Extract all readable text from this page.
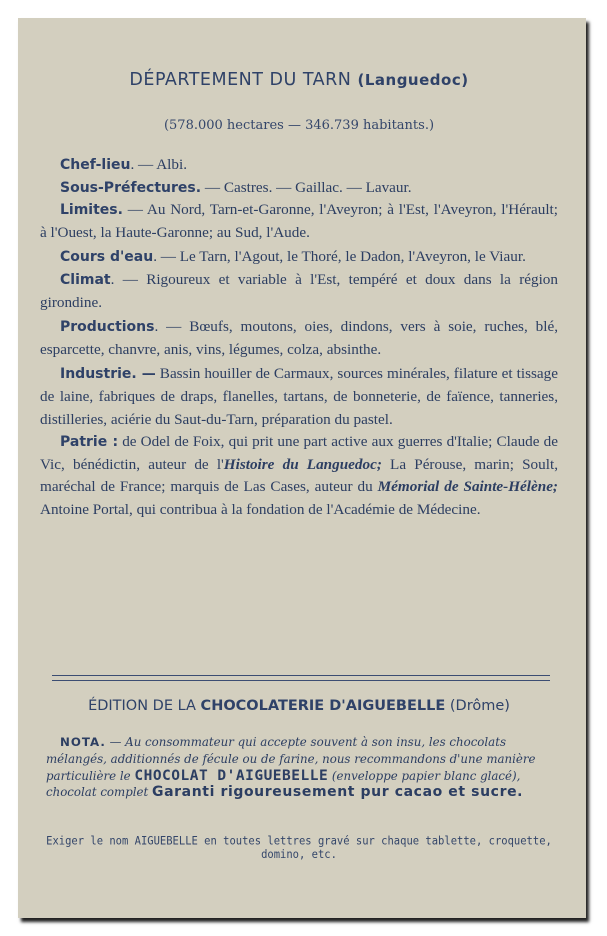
DÉPARTEMENT DU TARN (Languedoc)
(578.000 hectares — 346.739 habitants.)
Chef-lieu. — Albi.
Sous-Préfectures. — Castres. — Gaillac. — Lavaur.
Limites. — Au Nord, Tarn-et-Garonne, l'Aveyron; à l'Est, l'Aveyron, l'Hérault; à l'Ouest, la Haute-Garonne; au Sud, l'Aude.
Cours d'eau. — Le Tarn, l'Agout, le Thoré, le Dadon, l'Aveyron, le Viaur.
Climat. — Rigoureux et variable à l'Est, tempéré et doux dans la région girondine.
Productions. — Bœufs, moutons, oies, dindons, vers à soie, ruches, blé, esparcette, chanvre, anis, vins, légumes, colza, absinthe.
Industrie. — Bassin houiller de Carmaux, sources minérales, filature et tissage de laine, fabriques de draps, flanelles, tartans, de bonneterie, de faïence, tanneries, distilleries, aciérie du Saut-du-Tarn, préparation du pastel.
Patrie : de Odel de Foix, qui prit une part active aux guerres d'Italie; Claude de Vic, bénédictin, auteur de l'Histoire du Languedoc; La Pérouse, marin; Soult, maréchal de France; marquis de Las Cases, auteur du Mémorial de Sainte-Hélène; Antoine Portal, qui contribua à la fondation de l'Académie de Médecine.
ÉDITION DE LA CHOCOLATERIE D'AIGUEBELLE (Drôme)
NOTA. — Au consommateur qui accepte souvent à son insu, les chocolats mélangés, additionnés de fécule ou de farine, nous recommandons d'une manière particulière le CHOCOLAT D'AIGUEBELLE (enveloppe papier blanc glacé), chocolat complet Garanti rigoureusement pur cacao et sucre.
Exiger le nom AIGUEBELLE en toutes lettres gravé sur chaque tablette, croquette, domino, etc.
